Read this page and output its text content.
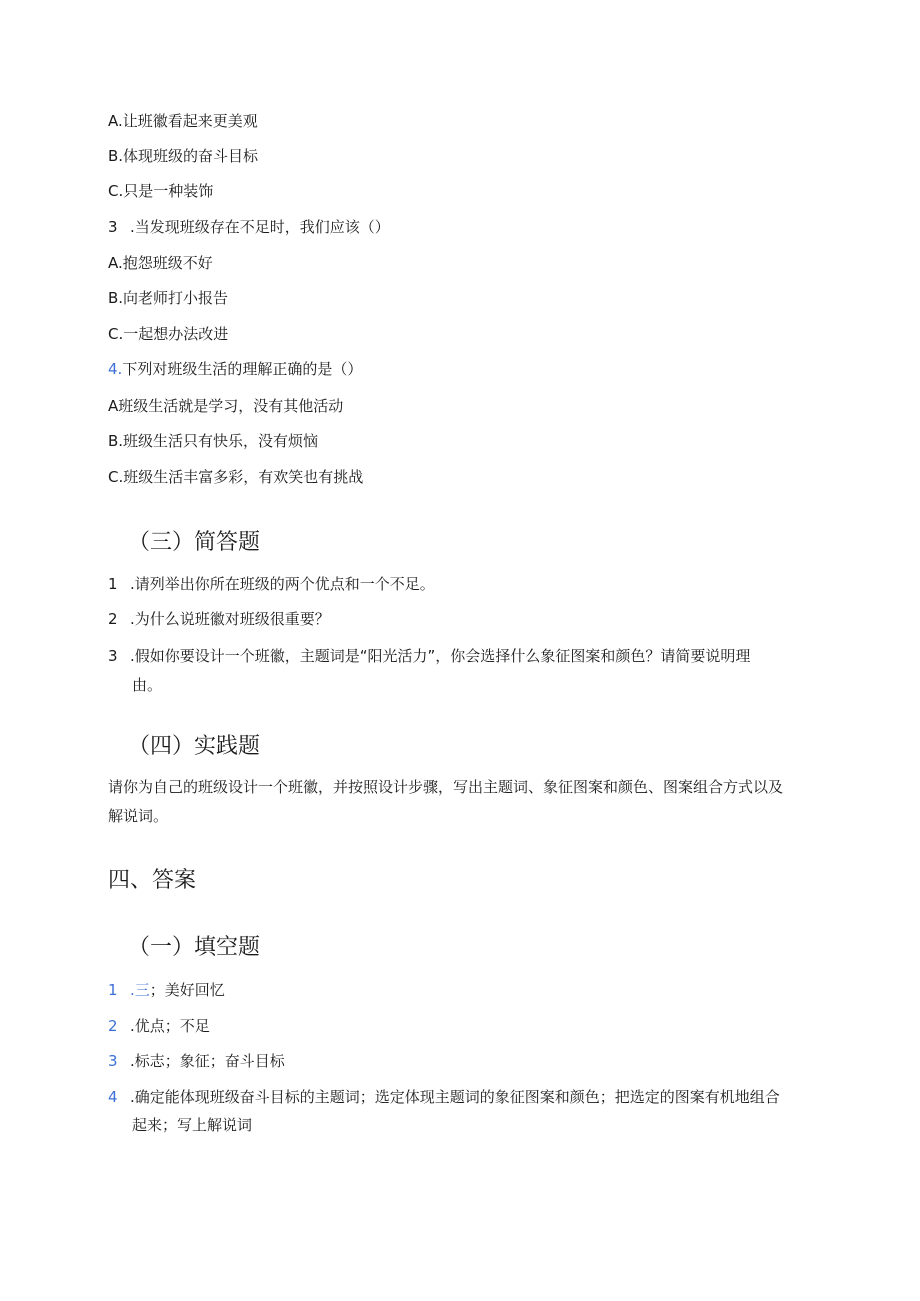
A.让班徽看起来更美观
B.体现班级的奋斗目标
C.只是一种装饰
3 .当发现班级存在不足时，我们应该（）
A.抱怨班级不好
B.向老师打小报告
C.一起想办法改进
4.下列对班级生活的理解正确的是（）
A班级生活就是学习，没有其他活动
B.班级生活只有快乐，没有烦恼
C.班级生活丰富多彩，有欢笑也有挑战
（三）简答题
1 .请列举出你所在班级的两个优点和一个不足。
2 .为什么说班徽对班级很重要？
3 .假如你要设计一个班徽，主题词是“阳光活力”，你会选择什么象征图案和颜色？请简要说明理
由。
（四）实践题
请你为自己的班级设计一个班徽，并按照设计步骤，写出主题词、象征图案和颜色、图案组合方式以及
解说词。
四、答案
（一）填空题
1 .三；美好回忆
2 .优点；不足
3 .标志；象征；奋斗目标
4 .确定能体现班级奋斗目标的主题词；选定体现主题词的象征图案和颜色；把选定的图案有机地组合
起来；写上解说词
